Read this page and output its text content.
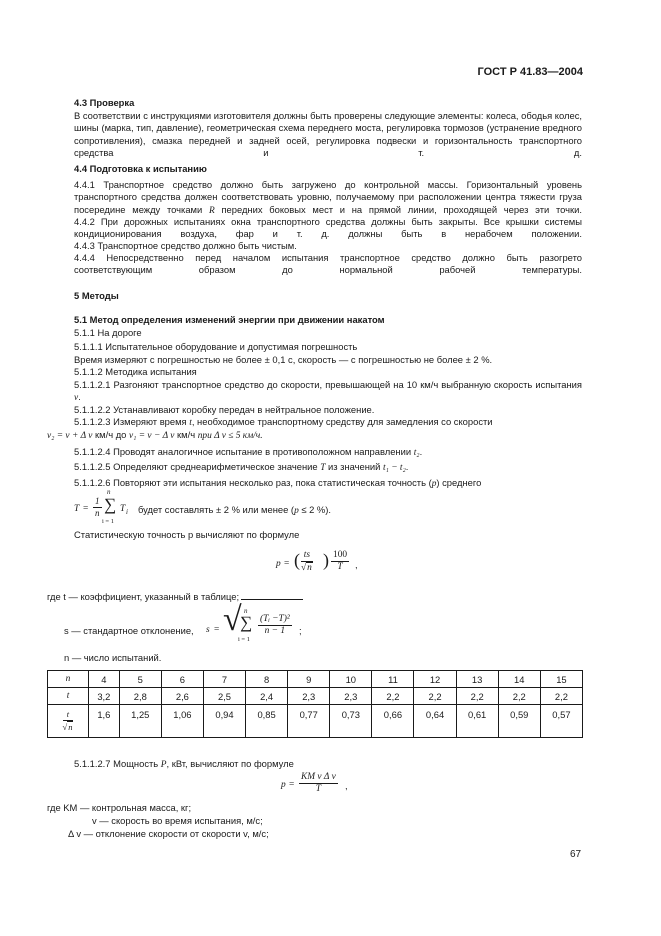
ГОСТ Р 41.83—2004
4.3 Проверка
В соответствии с инструкциями изготовителя должны быть проверены следующие элементы: колеса, ободья колес, шины (марка, тип, давление), геометрическая схема переднего моста, регулировка тормозов (устранение вредного сопротивления), смазка передней и задней осей, регулировка подвески и горизонтальность транспортного средства и т. д.
4.4 Подготовка к испытанию
4.4.1 Транспортное средство должно быть загружено до контрольной массы. Горизонтальный уровень транспортного средства должен соответствовать уровню, получаемому при расположении центра тяжести груза посередине между точками R передних боковых мест и на прямой линии, проходящей через эти точки.
4.4.2 При дорожных испытаниях окна транспортного средства должны быть закрыты. Все крышки системы кондиционирования воздуха, фар и т. д. должны быть в нерабочем положении.
4.4.3 Транспортное средство должно быть чистым.
4.4.4 Непосредственно перед началом испытания транспортное средство должно быть разогрето соответствующим образом до нормальной рабочей температуры.
5 Методы
5.1 Метод определения изменений энергии при движении накатом
5.1.1 На дороге
5.1.1.1 Испытательное оборудование и допустимая погрешность
Время измеряют с погрешностью не более ± 0,1 с, скорость — с погрешностью не более ± 2 %.
5.1.1.2 Методика испытания
5.1.1.2.1 Разгоняют транспортное средство до скорости, превышающей на 10 км/ч выбранную скорость испытания v.
5.1.1.2.2 Устанавливают коробку передач в нейтральное положение.
5.1.1.2.3 Измеряют время t, необходимое транспортному средству для замедления со скорости
v₂ = v + Δ v км/ч до v₁ = v − Δ v км/ч при Δ v ≤ 5 км/ч.
5.1.1.2.4 Проводят аналогичное испытание в противоположном направлении t₂.
5.1.1.2.5 Определяют среднеарифметическое значение T из значений t₁ − t₂.
5.1.1.2.6 Повторяют эти испытания несколько раз, пока статистическая точность (p) среднего
$T = \frac{1}{n}$
n
∑
i = 1
T i будет составлять ± 2 % или менее (p ≤ 2 %).
Статистическую точность p вычисляют по формуле
p = ( $\frac{ts}{√n}$ ) $\frac{100}{T}$ ,
где t — коэффициент, указанный в таблице;
s — стандартное отклонение, s = √ n
∑
i = 1
$\frac{\text{(Tᵢ −T)²}}{n - 1}$ ;
n — число испытаний.
n	4	5	6	7	8	9	10	11	12	13	14	15
t	3,2	2,8	2,6	2,5	2,4	2,3	2,3	2,2	2,2	2,2	2,2	2,2

$\frac{t}{√n}$	1,6	1,25	1,06	0,94	0,85	0,77	0,73	0,66	0,64	0,61	0,59	0,57
5.1.1.2.7 Мощность P, кВт, вычисляют по формуле
$p = \frac{\text{KM v Δ v}}{T}$ ,
где KM — контрольная масса, кг;
v — скорость во время испытания, м/с;
Δ v — отклонение скорости от скорости v, м/с;
67
